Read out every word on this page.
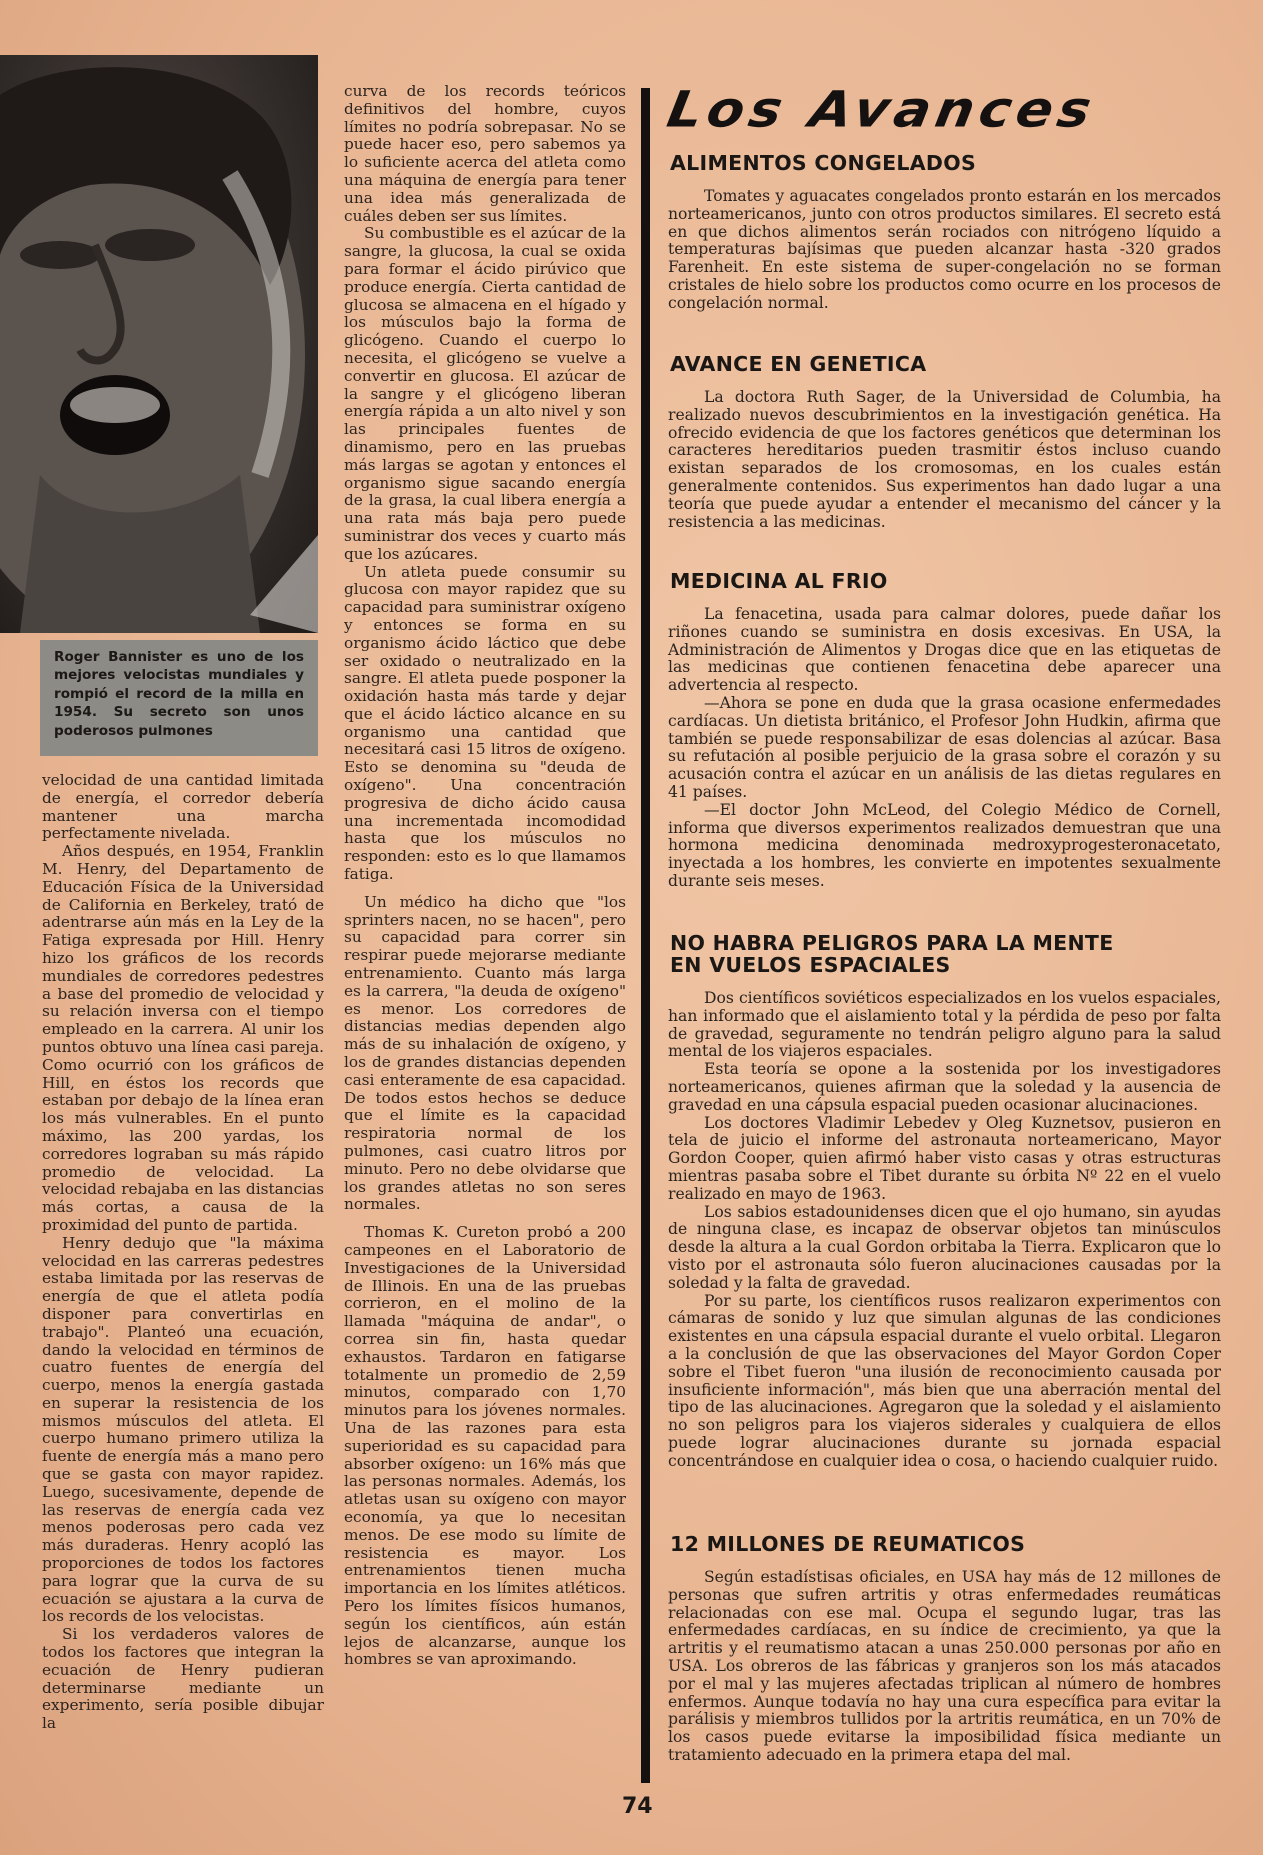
Roger Bannister es uno de los mejores velocistas mundiales y rompió el record de la milla en 1954. Su secreto son unos poderosos pulmones

velocidad de una cantidad limitada de energía, el corredor debería mantener una marcha perfectamente nivelada.

Años después, en 1954, Franklin M. Henry, del Departamento de Educación Física de la Universidad de California en Berkeley, trató de adentrarse aún más en la Ley de la Fatiga expresada por Hill. Henry hizo los gráficos de los records mundiales de corredores pedestres a base del promedio de velocidad y su relación inversa con el tiempo empleado en la carrera. Al unir los puntos obtuvo una línea casi pareja. Como ocurrió con los gráficos de Hill, en éstos los records que estaban por debajo de la línea eran los más vulnerables. En el punto máximo, las 200 yardas, los corredores lograban su más rápido promedio de velocidad. La velocidad rebajaba en las distancias más cortas, a causa de la proximidad del punto de partida.

Henry dedujo que "la máxima velocidad en las carreras pedestres estaba limitada por las reservas de energía de que el atleta podía disponer para convertirlas en trabajo". Planteó una ecuación, dando la velocidad en términos de cuatro fuentes de energía del cuerpo, menos la energía gastada en superar la resistencia de los mismos músculos del atleta. El cuerpo humano primero utiliza la fuente de energía más a mano pero que se gasta con mayor rapidez. Luego, sucesivamente, depende de las reservas de energía cada vez menos poderosas pero cada vez más duraderas. Henry acopló las proporciones de todos los factores para lograr que la curva de su ecuación se ajustara a la curva de los records de los velocistas.

Si los verdaderos valores de todos los factores que integran la ecuación de Henry pudieran determinarse mediante un experimento, sería posible dibujar la

curva de los records teóricos definitivos del hombre, cuyos límites no podría sobrepasar. No se puede hacer eso, pero sabemos ya lo suficiente acerca del atleta como una máquina de energía para tener una idea más generalizada de cuáles deben ser sus límites.

Su combustible es el azúcar de la sangre, la glucosa, la cual se oxida para formar el ácido pirúvico que produce energía. Cierta cantidad de glucosa se almacena en el hígado y los músculos bajo la forma de glicógeno. Cuando el cuerpo lo necesita, el glicógeno se vuelve a convertir en glucosa. El azúcar de la sangre y el glicógeno liberan energía rápida a un alto nivel y son las principales fuentes de dinamismo, pero en las pruebas más largas se agotan y entonces el organismo sigue sacando energía de la grasa, la cual libera energía a una rata más baja pero puede suministrar dos veces y cuarto más que los azúcares.

Un atleta puede consumir su glucosa con mayor rapidez que su capacidad para suministrar oxígeno y entonces se forma en su organismo ácido láctico que debe ser oxidado o neutralizado en la sangre. El atleta puede posponer la oxidación hasta más tarde y dejar que el ácido láctico alcance en su organismo una cantidad que necesitará casi 15 litros de oxígeno. Esto se denomina su "deuda de oxígeno". Una concentración progresiva de dicho ácido causa una incrementada incomodidad hasta que los músculos no responden: esto es lo que llamamos fatiga.

Un médico ha dicho que "los sprinters nacen, no se hacen", pero su capacidad para correr sin respirar puede mejorarse mediante entrenamiento. Cuanto más larga es la carrera, "la deuda de oxígeno" es menor. Los corredores de distancias medias dependen algo más de su inhalación de oxígeno, y los de grandes distancias dependen casi enteramente de esa capacidad. De todos estos hechos se deduce que el límite es la capacidad respiratoria normal de los pulmones, casi cuatro litros por minuto. Pero no debe olvidarse que los grandes atletas no son seres normales.

Thomas K. Cureton probó a 200 campeones en el Laboratorio de Investigaciones de la Universidad de Illinois. En una de las pruebas corrieron, en el molino de la llamada "máquina de andar", o correa sin fin, hasta quedar exhaustos. Tardaron en fatigarse totalmente un promedio de 2,59 minutos, comparado con 1,70 minutos para los jóvenes normales. Una de las razones para esta superioridad es su capacidad para absorber oxígeno: un 16% más que las personas normales. Además, los atletas usan su oxígeno con mayor economía, ya que lo necesitan menos. De ese modo su límite de resistencia es mayor. Los entrenamientos tienen mucha importancia en los límites atléticos. Pero los límites físicos humanos, según los científicos, aún están lejos de alcanzarse, aunque los hombres se van aproximando.

Los Avances
ALIMENTOS CONGELADOS

Tomates y aguacates congelados pronto estarán en los mercados norteamericanos, junto con otros productos similares. El secreto está en que dichos alimentos serán rociados con nitrógeno líquido a temperaturas bajísimas que pueden alcanzar hasta -320 grados Farenheit. En este sistema de super-congelación no se forman cristales de hielo sobre los productos como ocurre en los procesos de congelación normal.

AVANCE EN GENETICA

La doctora Ruth Sager, de la Universidad de Columbia, ha realizado nuevos descubrimientos en la investigación genética. Ha ofrecido evidencia de que los factores genéticos que determinan los caracteres hereditarios pueden trasmitir éstos incluso cuando existan separados de los cromosomas, en los cuales están generalmente contenidos. Sus experimentos han dado lugar a una teoría que puede ayudar a entender el mecanismo del cáncer y la resistencia a las medicinas.

MEDICINA AL FRIO

La fenacetina, usada para calmar dolores, puede dañar los riñones cuando se suministra en dosis excesivas. En USA, la Administración de Alimentos y Drogas dice que en las etiquetas de las medicinas que contienen fenacetina debe aparecer una advertencia al respecto.

—Ahora se pone en duda que la grasa ocasione enfermedades cardíacas. Un dietista británico, el Profesor John Hudkin, afirma que también se puede responsabilizar de esas dolencias al azúcar. Basa su refutación al posible perjuicio de la grasa sobre el corazón y su acusación contra el azúcar en un análisis de las dietas regulares en 41 países.

—El doctor John McLeod, del Colegio Médico de Cornell, informa que diversos experimentos realizados demuestran que una hormona medicina denominada medroxyprogesteronacetato, inyectada a los hombres, les convierte en impotentes sexualmente durante seis meses.

NO HABRA PELIGROS PARA LA MENTE EN VUELOS ESPACIALES

Dos científicos soviéticos especializados en los vuelos espaciales, han informado que el aislamiento total y la pérdida de peso por falta de gravedad, seguramente no tendrán peligro alguno para la salud mental de los viajeros espaciales.

Esta teoría se opone a la sostenida por los investigadores norteamericanos, quienes afirman que la soledad y la ausencia de gravedad en una cápsula espacial pueden ocasionar alucinaciones.

Los doctores Vladimir Lebedev y Oleg Kuznetsov, pusieron en tela de juicio el informe del astronauta norteamericano, Mayor Gordon Cooper, quien afirmó haber visto casas y otras estructuras mientras pasaba sobre el Tibet durante su órbita Nº 22 en el vuelo realizado en mayo de 1963.

Los sabios estadounidenses dicen que el ojo humano, sin ayudas de ninguna clase, es incapaz de observar objetos tan minúsculos desde la altura a la cual Gordon orbitaba la Tierra. Explicaron que lo visto por el astronauta sólo fueron alucinaciones causadas por la soledad y la falta de gravedad.

Por su parte, los científicos rusos realizaron experimentos con cámaras de sonido y luz que simulan algunas de las condiciones existentes en una cápsula espacial durante el vuelo orbital. Llegaron a la conclusión de que las observaciones del Mayor Gordon Coper sobre el Tibet fueron "una ilusión de reconocimiento causada por insuficiente información", más bien que una aberración mental del tipo de las alucinaciones. Agregaron que la soledad y el aislamiento no son peligros para los viajeros siderales y cualquiera de ellos puede lograr alucinaciones durante su jornada espacial concentrándose en cualquier idea o cosa, o haciendo cualquier ruido.

12 MILLONES DE REUMATICOS

Según estadístisas oficiales, en USA hay más de 12 millones de personas que sufren artritis y otras enfermedades reumáticas relacionadas con ese mal. Ocupa el segundo lugar, tras las enfermedades cardíacas, en su índice de crecimiento, ya que la artritis y el reumatismo atacan a unas 250.000 personas por año en USA. Los obreros de las fábricas y granjeros son los más atacados por el mal y las mujeres afectadas triplican al número de hombres enfermos. Aunque todavía no hay una cura específica para evitar la parálisis y miembros tullidos por la artritis reumática, en un 70% de los casos puede evitarse la imposibilidad física mediante un tratamiento adecuado en la primera etapa del mal.

74
